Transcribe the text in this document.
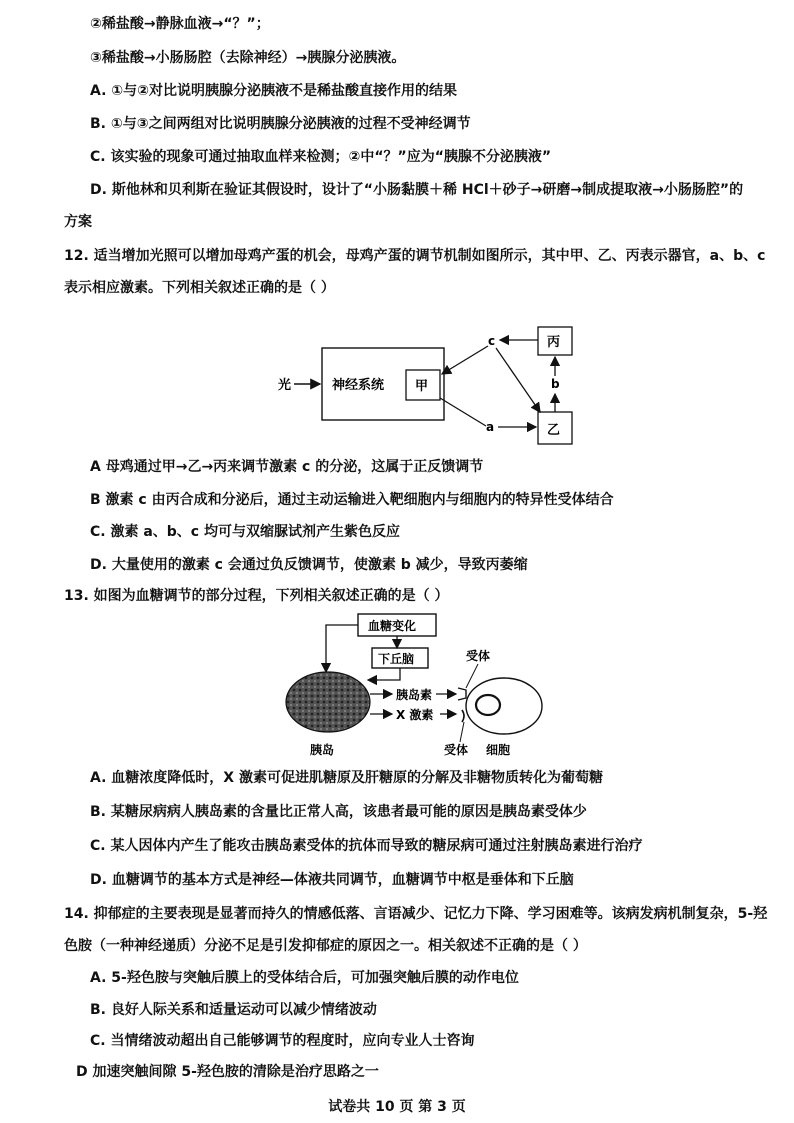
②稀盐酸→静脉血液→“？”；
③稀盐酸→小肠肠腔（去除神经）→胰腺分泌胰液。
A. ①与②对比说明胰腺分泌胰液不是稀盐酸直接作用的结果
B. ①与③之间两组对比说明胰腺分泌胰液的过程不受神经调节
C. 该实验的现象可通过抽取血样来检测；②中“？”应为“胰腺不分泌胰液”
D. 斯他林和贝利斯在验证其假设时，设计了“小肠黏膜＋稀 HCl＋砂子→研磨→制成提取液→小肠肠腔”的
方案
12. 适当增加光照可以增加母鸡产蛋的机会，母鸡产蛋的调节机制如图所示，其中甲、乙、丙表示器官，a、b、c
表示相应激素。下列相关叙述正确的是（ ）
光	神经系统 甲
丙
乙
a
b
c
A 母鸡通过甲→乙→丙来调节激素 c 的分泌，这属于正反馈调节
B 激素 c 由丙合成和分泌后，通过主动运输进入靶细胞内与细胞内的特异性受体结合
C. 激素 a、b、c 均可与双缩脲试剂产生紫色反应
D. 大量使用的激素 c 会通过负反馈调节，使激素 b 减少，导致丙萎缩
13. 如图为血糖调节的部分过程，下列相关叙述正确的是（ ）
血糖变化
下丘脑
胰岛
胰岛素
X 激素
受体
受体 细胞
A. 血糖浓度降低时，X 激素可促进肌糖原及肝糖原的分解及非糖物质转化为葡萄糖
B. 某糖尿病病人胰岛素的含量比正常人高，该患者最可能的原因是胰岛素受体少
C. 某人因体内产生了能攻击胰岛素受体的抗体而导致的糖尿病可通过注射胰岛素进行治疗
D. 血糖调节的基本方式是神经—体液共同调节，血糖调节中枢是垂体和下丘脑
14. 抑郁症的主要表现是显著而持久的情感低落、言语减少、记忆力下降、学习困难等。该病发病机制复杂，5-羟
色胺（一种神经递质）分泌不足是引发抑郁症的原因之一。相关叙述不正确的是（ ）
A. 5-羟色胺与突触后膜上的受体结合后，可加强突触后膜的动作电位
B. 良好人际关系和适量运动可以减少情绪波动
C. 当情绪波动超出自己能够调节的程度时，应向专业人士咨询
D 加速突触间隙 5-羟色胺的清除是治疗思路之一
试卷共 10 页 第 3 页
